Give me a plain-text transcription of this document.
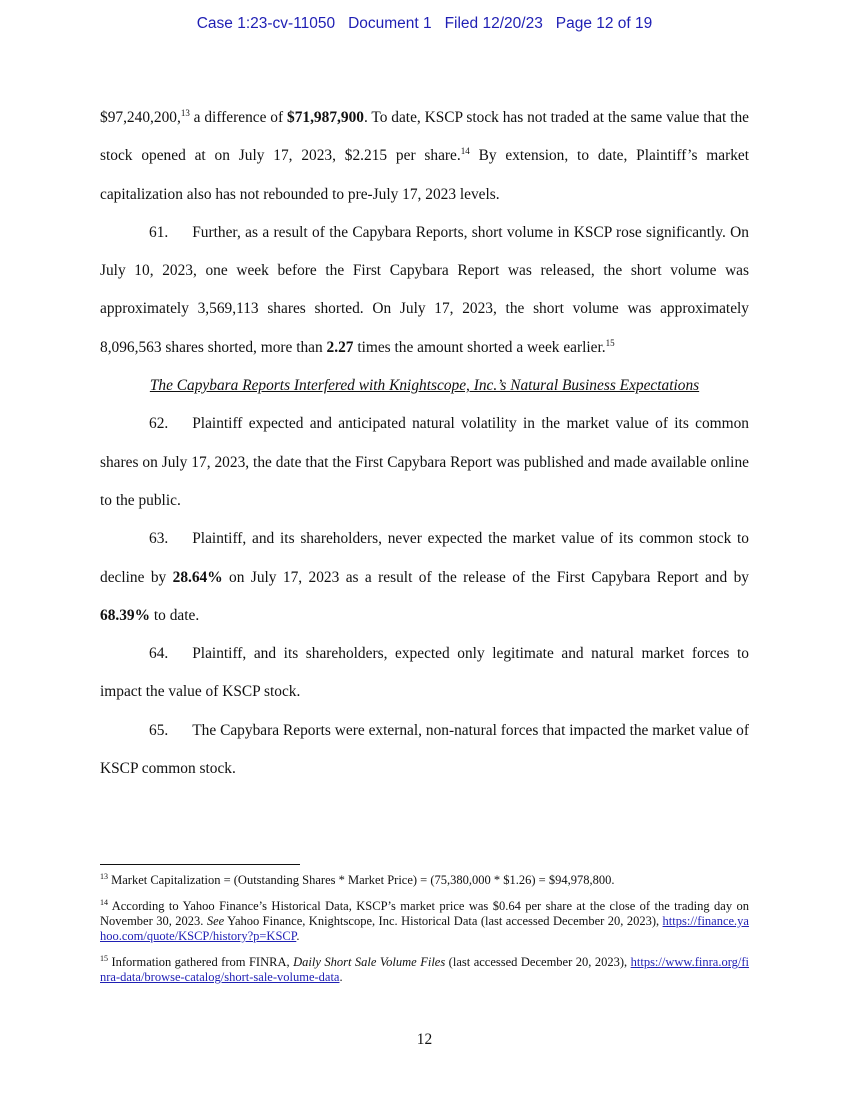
Case 1:23-cv-11050 Document 1 Filed 12/20/23 Page 12 of 19

$97,240,200,13 a difference of $71,987,900. To date, KSCP stock has not traded at the same value that the stock opened at on July 17, 2023, $2.215 per share.$^{14}$ By extension, to date, Plaintiff’s market capitalization also has not rebounded to pre-July 17, 2023 levels.

61. Further, as a result of the Capybara Reports, short volume in KSCP rose significantly. On July 10, 2023, one week before the First Capybara Report was released, the short volume was approximately 3,569,113 shares shorted. On July 17, 2023, the short volume was approximately 8,096,563 shares shorted, more than 2.27 times the amount shorted a week earlier.$^{15}$

The Capybara Reports Interfered with Knightscope, Inc.’s Natural Business Expectations

62. Plaintiff expected and anticipated natural volatility in the market value of its common shares on July 17, 2023, the date that the First Capybara Report was published and made available online to the public.

63. Plaintiff, and its shareholders, never expected the market value of its common stock to decline by 28.64% on July 17, 2023 as a result of the release of the First Capybara Report and by 68.39% to date.

64. Plaintiff, and its shareholders, expected only legitimate and natural market forces to impact the value of KSCP stock.

65. The Capybara Reports were external, non-natural forces that impacted the market value of KSCP common stock.

$^{13}$ Market Capitalization = (Outstanding Shares * Market Price) = (75,380,000 * $1.26) = $94,978,800.

$^{14}$ According to Yahoo Finance’s Historical Data, KSCP’s market price was $0.64 per share at the close of the trading day on November 30, 2023. See Yahoo Finance, Knightscope, Inc. Historical Data (last accessed December 20, 2023), https://finance.yahoo.com/quote/KSCP/history?p=KSCP.

$^{15}$ Information gathered from FINRA, Daily Short Sale Volume Files (last accessed December 20, 2023), https://www.finra.org/finra-data/browse-catalog/short-sale-volume-data.

12
